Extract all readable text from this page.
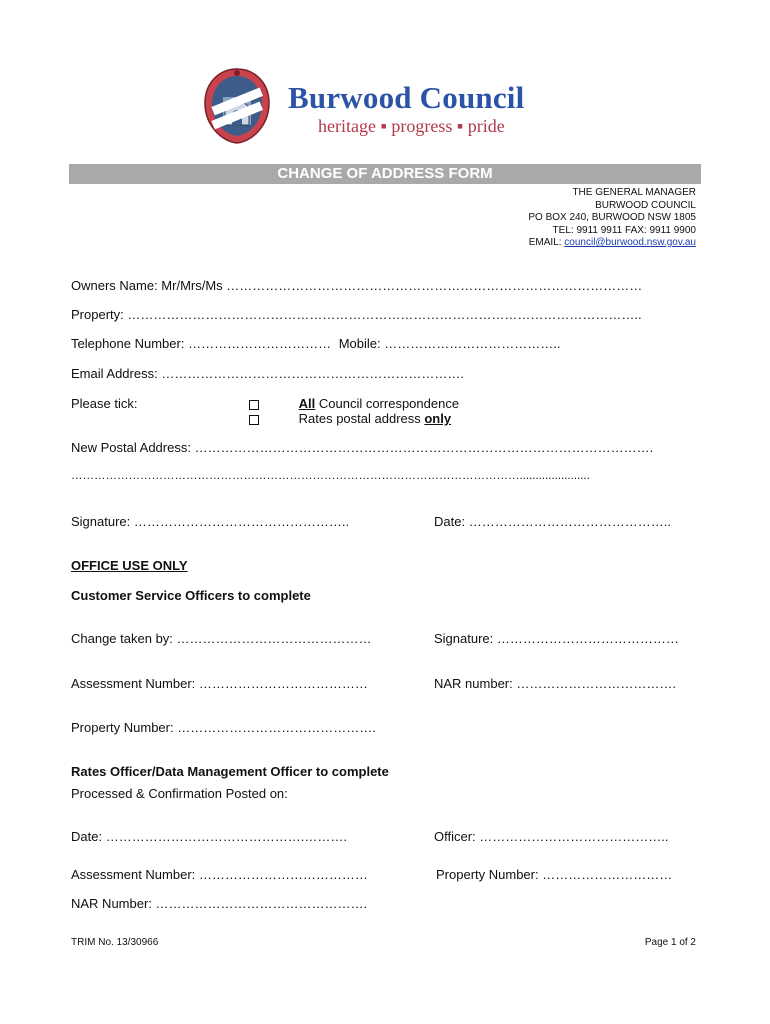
Burwood Council
heritage ▪ progress ▪ pride
CHANGE OF ADDRESS FORM
THE GENERAL MANAGER
BURWOOD COUNCIL
PO BOX 240, BURWOOD NSW 1805
TEL: 9911 9911 FAX: 9911 9900
EMAIL: council@burwood.nsw.gov.au
Owners Name: Mr/Mrs/Ms ……………………………………………………………………………………
Property: ………………………………………………………………………………………………………..
Telephone Number: …………………………… Mobile: …………………………………..
Email Address: …………………………………………………………….
Please tick:	All Council correspondence
Rates postal address only
New Postal Address: …………………………………………………………………………………………….
………………………………………………………………………………………………………......................
Signature: …………………………………………..	Date: ………………………………………..
OFFICE USE ONLY
Customer Service Officers to complete
Change taken by: ………………………………………	Signature: ……………………………………
Assessment Number: …………………………………	NAR number: ……………………………….
Property Number: ……………………………………….
Rates Officer/Data Management Officer to complete
Processed & Confirmation Posted on:
Date: ……………………………………….……….	Officer: ……………………………………..
Assessment Number: …………………………………	Property Number: …………………………
NAR Number: ………………………………………….
TRIM No. 13/30966	Page 1 of 2
